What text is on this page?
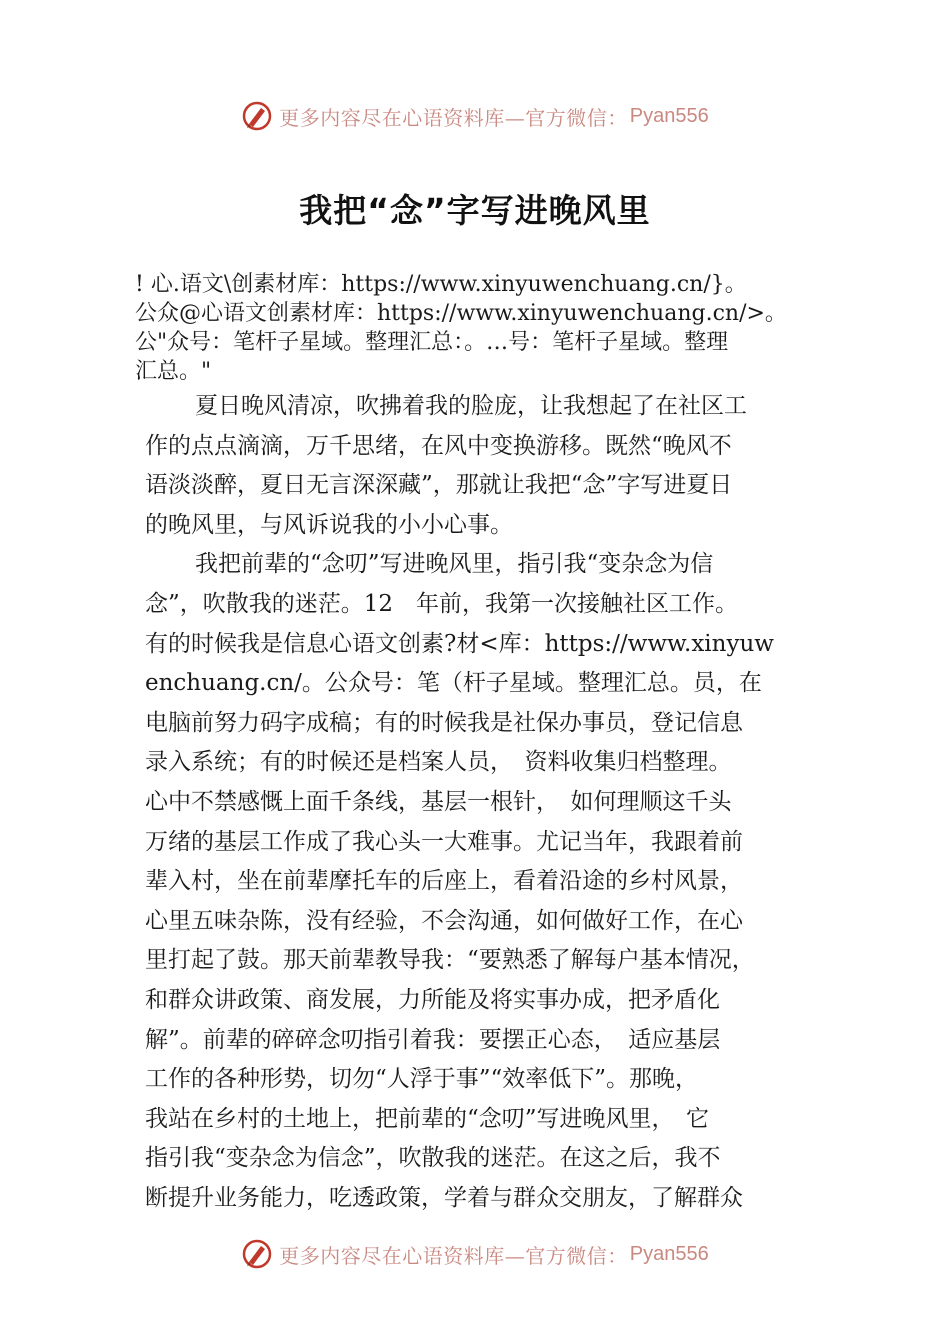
更多内容尽在心语资料库—官方微信： Pyan556
我把“念”字写进晚风里
! 心.语文\创素材库：https://www.xinyuwenchuang.cn/}。
公众@心语文创素材库：https://www.xinyuwenchuang.cn/>。
公"众号：笔杆子星域。整理汇总：。…号：笔杆子星域。整理
汇总。"
夏日晚风清凉，吹拂着我的脸庞，让我想起了在社区工
作的点点滴滴，万千思绪，在风中变换游移。既然“晚风不
语淡淡醉，夏日无言深深藏”，那就让我把“念”字写进夏日
的晚风里，与风诉说我的小小心事。
我把前辈的“念叨”写进晚风里，指引我“变杂念为信
念”，吹散我的迷茫。12　年前，我第一次接触社区工作。
有的时候我是信息心语文创素?材<库：https://www.xinyuw
enchuang.cn/。公众号：笔（杆子星域。整理汇总。员，在
电脑前努力码字成稿；有的时候我是社保办事员，登记信息
录入系统；有的时候还是档案人员，　资料收集归档整理。
心中不禁感慨上面千条线，基层一根针，　如何理顺这千头
万绪的基层工作成了我心头一大难事。尤记当年，我跟着前
辈入村，坐在前辈摩托车的后座上，看着沿途的乡村风景，
心里五味杂陈，没有经验，不会沟通，如何做好工作，在心
里打起了鼓。那天前辈教导我：“要熟悉了解每户基本情况，
和群众讲政策、商发展，力所能及将实事办成，把矛盾化
解”。前辈的碎碎念叨指引着我：要摆正心态，　适应基层
工作的各种形势，切勿“人浮于事”“效率低下”。那晚，
我站在乡村的土地上，把前辈的“念叨”写进晚风里，　它
指引我“变杂念为信念”，吹散我的迷茫。在这之后，我不
断提升业务能力，吃透政策，学着与群众交朋友，了解群众
更多内容尽在心语资料库—官方微信： Pyan556
